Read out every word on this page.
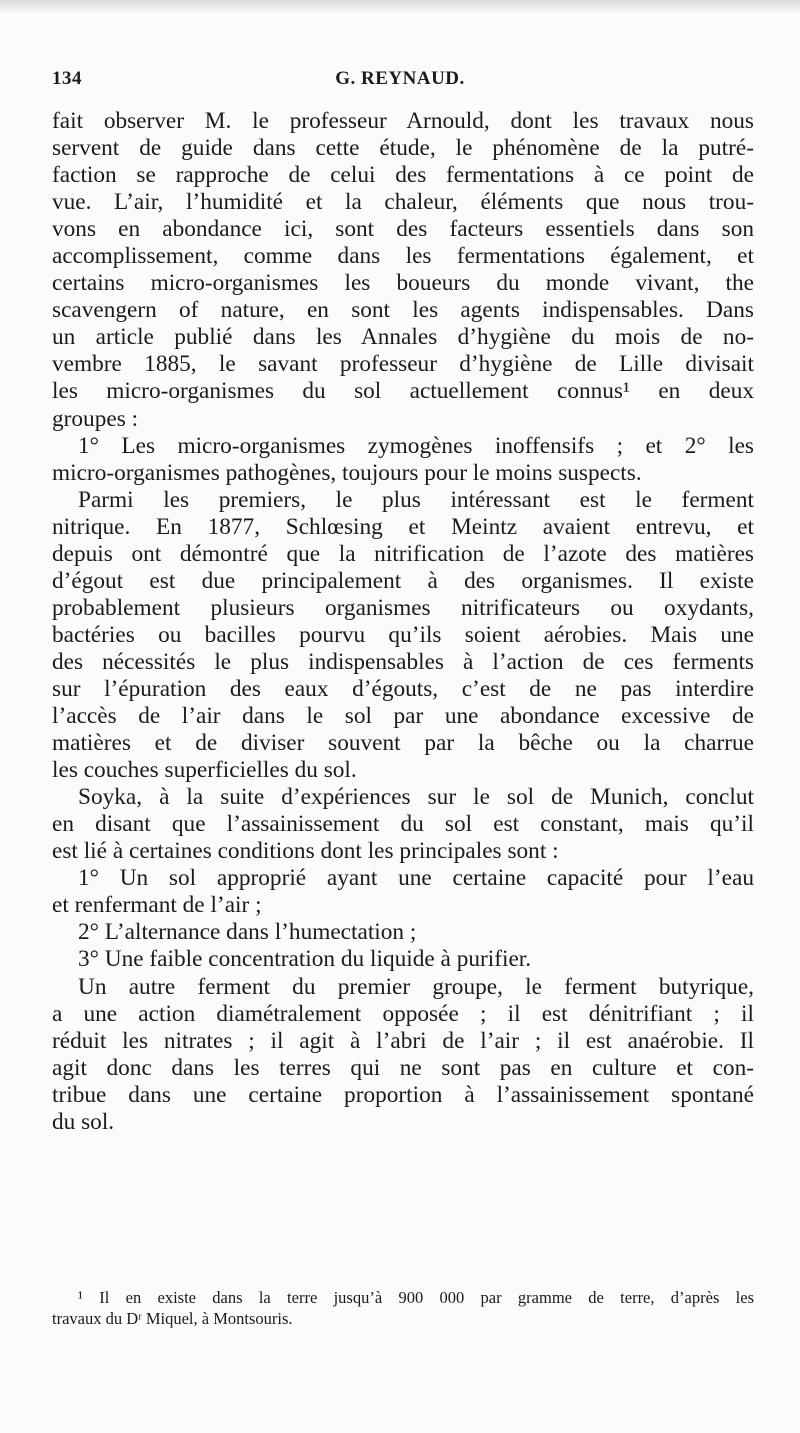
134	G. REYNAUD.
fait observer M. le professeur Arnould, dont les travaux nous
servent de guide dans cette étude, le phénomène de la putré-
faction se rapproche de celui des fermentations à ce point de
vue. L’air, l’humidité et la chaleur, éléments que nous trou-
vons en abondance ici, sont des facteurs essentiels dans son
accomplissement, comme dans les fermentations également, et
certains micro-organismes les boueurs du monde vivant, the
scavengern of nature, en sont les agents indispensables. Dans
un article publié dans les Annales d’hygiène du mois de no-
vembre 1885, le savant professeur d’hygiène de Lille divisait
les micro-organismes du sol actuellement connus¹ en deux
groupes :
1° Les micro-organismes zymogènes inoffensifs ; et 2° les
micro-organismes pathogènes, toujours pour le moins suspects.
Parmi les premiers, le plus intéressant est le ferment
nitrique. En 1877, Schlœsing et Meintz avaient entrevu, et
depuis ont démontré que la nitrification de l’azote des matières
d’égout est due principalement à des organismes. Il existe
probablement plusieurs organismes nitrificateurs ou oxydants,
bactéries ou bacilles pourvu qu’ils soient aérobies. Mais une
des nécessités le plus indispensables à l’action de ces ferments
sur l’épuration des eaux d’égouts, c’est de ne pas interdire
l’accès de l’air dans le sol par une abondance excessive de
matières et de diviser souvent par la bêche ou la charrue
les couches superficielles du sol.
Soyka, à la suite d’expériences sur le sol de Munich, conclut
en disant que l’assainissement du sol est constant, mais qu’il
est lié à certaines conditions dont les principales sont :
1° Un sol approprié ayant une certaine capacité pour l’eau
et renfermant de l’air ;
2° L’alternance dans l’humectation ;
3° Une faible concentration du liquide à purifier.
Un autre ferment du premier groupe, le ferment butyrique,
a une action diamétralement opposée ; il est dénitrifiant ; il
réduit les nitrates ; il agit à l’abri de l’air ; il est anaérobie. Il
agit donc dans les terres qui ne sont pas en culture et con-
tribue dans une certaine proportion à l’assainissement spontané
du sol.
¹ Il en existe dans la terre jusqu’à 900 000 par gramme de terre, d’après les
travaux du Dʳ Miquel, à Montsouris.
